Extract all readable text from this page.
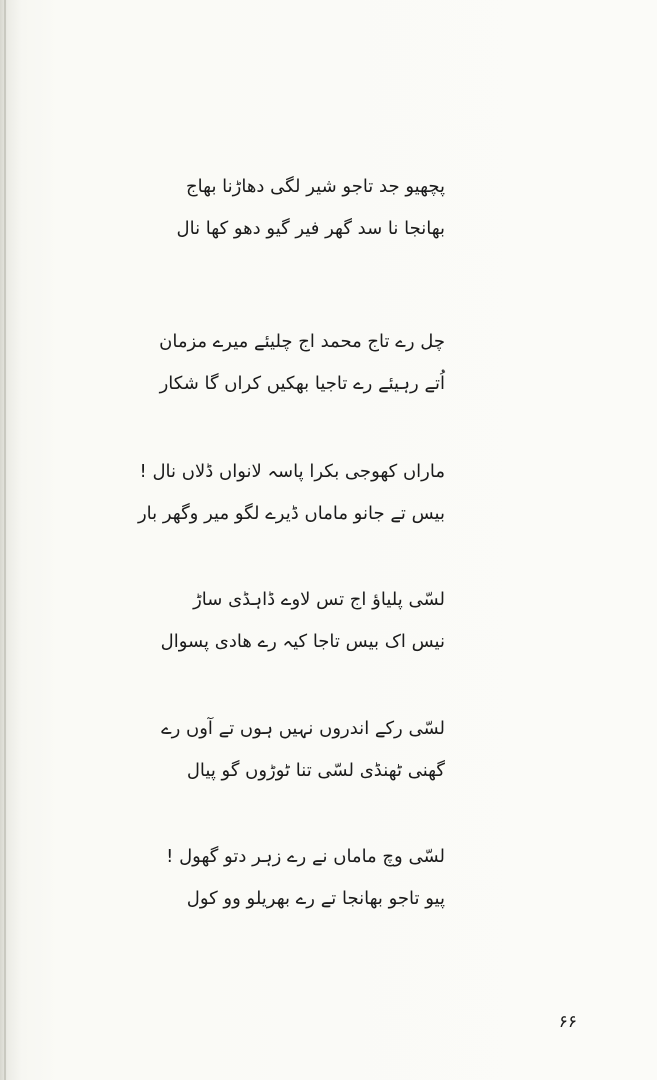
پچھیو جد تاجو شیر لگی دھاڑنا بھاج
بھانجا نا سد گھر فیر گیو دھو کھا نال
چل رے تاج محمد اج چلیئے میرے مزمان
اُتے رہیئے رے تاجیا بھکیں کراں گا شکار
ماراں کھوجی بکرا پاسہ لانواں ڈلاں نال !
بیس تے جانو ماماں ڈیرے لگو میر وگھر بار
لسّی پلیاؤ اج تس لاوے ڈاہڈی ساڑ
نیس اک بیس تاجا کیہ رے ھادی پسوال
لسّی رکے اندروں نہیں ہوں تے آوں رے
گھنی ٹھنڈی لسّی تنا ٹوڑوں گو پیال
لسّی وچ ماماں نے رے زہر دتو گھول !
پیو تاجو بھانجا تے رے بھریلو وو کول
۶۶
